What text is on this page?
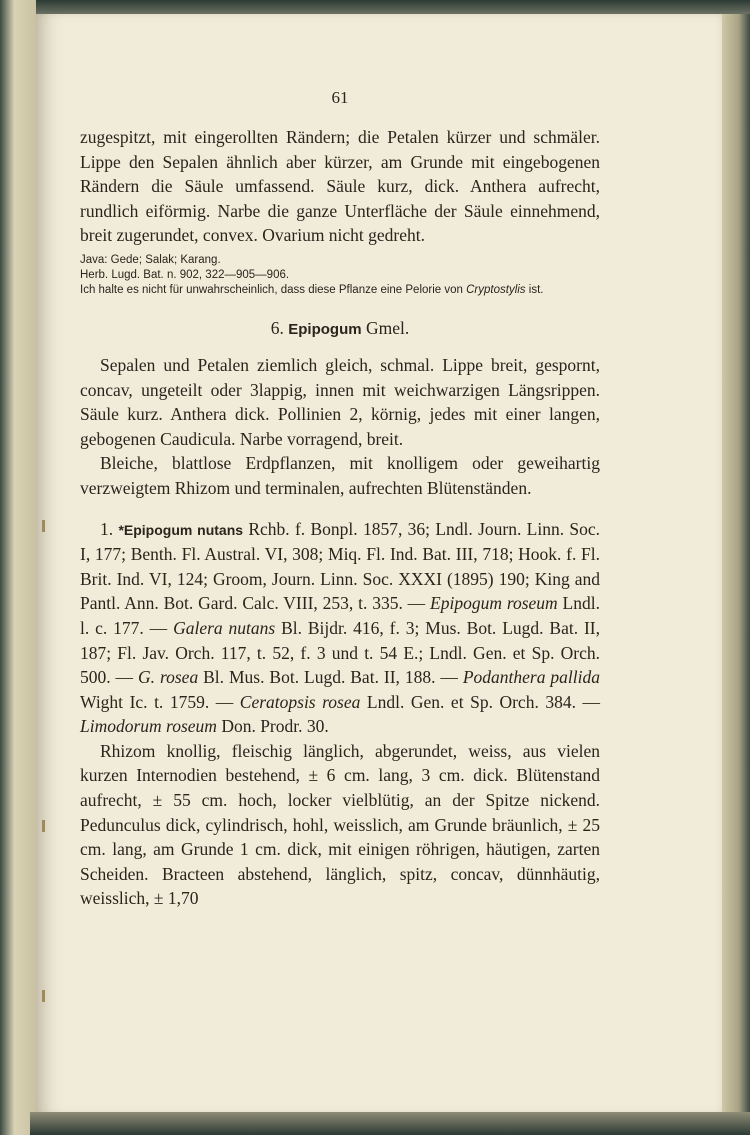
61

zugespitzt, mit eingerollten Rändern; die Petalen kürzer und schmäler. Lippe den Sepalen ähnlich aber kürzer, am Grunde mit eingebogenen Rändern die Säule umfassend. Säule kurz, dick. Anthera aufrecht, rundlich eiförmig. Narbe die ganze Unterfläche der Säule einnehmend, breit zugerundet, convex. Ovarium nicht gedreht.

Java: Gede; Salak; Karang.
Herb. Lugd. Bat. n. 902, 322—905—906.
Ich halte es nicht für unwahrscheinlich, dass diese Pflanze eine Pelorie von Cryptostylis ist.
6. Epipogum Gmel.

Sepalen und Petalen ziemlich gleich, schmal. Lippe breit, gespornt, concav, ungeteilt oder 3lappig, innen mit weichwarzigen Längsrippen. Säule kurz. Anthera dick. Pollinien 2, körnig, jedes mit einer langen, gebogenen Caudicula. Narbe vorragend, breit.

Bleiche, blattlose Erdpflanzen, mit knolligem oder geweihartig verzweigtem Rhizom und terminalen, aufrechten Blütenständen.

1. *Epipogum nutans Rchb. f. Bonpl. 1857, 36; Lndl. Journ. Linn. Soc. I, 177; Benth. Fl. Austral. VI, 308; Miq. Fl. Ind. Bat. III, 718; Hook. f. Fl. Brit. Ind. VI, 124; Groom, Journ. Linn. Soc. XXXI (1895) 190; King and Pantl. Ann. Bot. Gard. Calc. VIII, 253, t. 335. — Epipogum roseum Lndl. l. c. 177. — Galera nutans Bl. Bijdr. 416, f. 3; Mus. Bot. Lugd. Bat. II, 187; Fl. Jav. Orch. 117, t. 52, f. 3 und t. 54 E.; Lndl. Gen. et Sp. Orch. 500. — G. rosea Bl. Mus. Bot. Lugd. Bat. II, 188. — Podanthera pallida Wight Ic. t. 1759. — Ceratopsis rosea Lndl. Gen. et Sp. Orch. 384. — Limodorum roseum Don. Prodr. 30.

Rhizom knollig, fleischig länglich, abgerundet, weiss, aus vielen kurzen Internodien bestehend, ± 6 cm. lang, 3 cm. dick. Blütenstand aufrecht, ± 55 cm. hoch, locker vielblütig, an der Spitze nickend. Pedunculus dick, cylindrisch, hohl, weisslich, am Grunde bräunlich, ± 25 cm. lang, am Grunde 1 cm. dick, mit einigen röhrigen, häutigen, zarten Scheiden. Bracteen abstehend, länglich, spitz, concav, dünnhäutig, weisslich, ± 1,70
